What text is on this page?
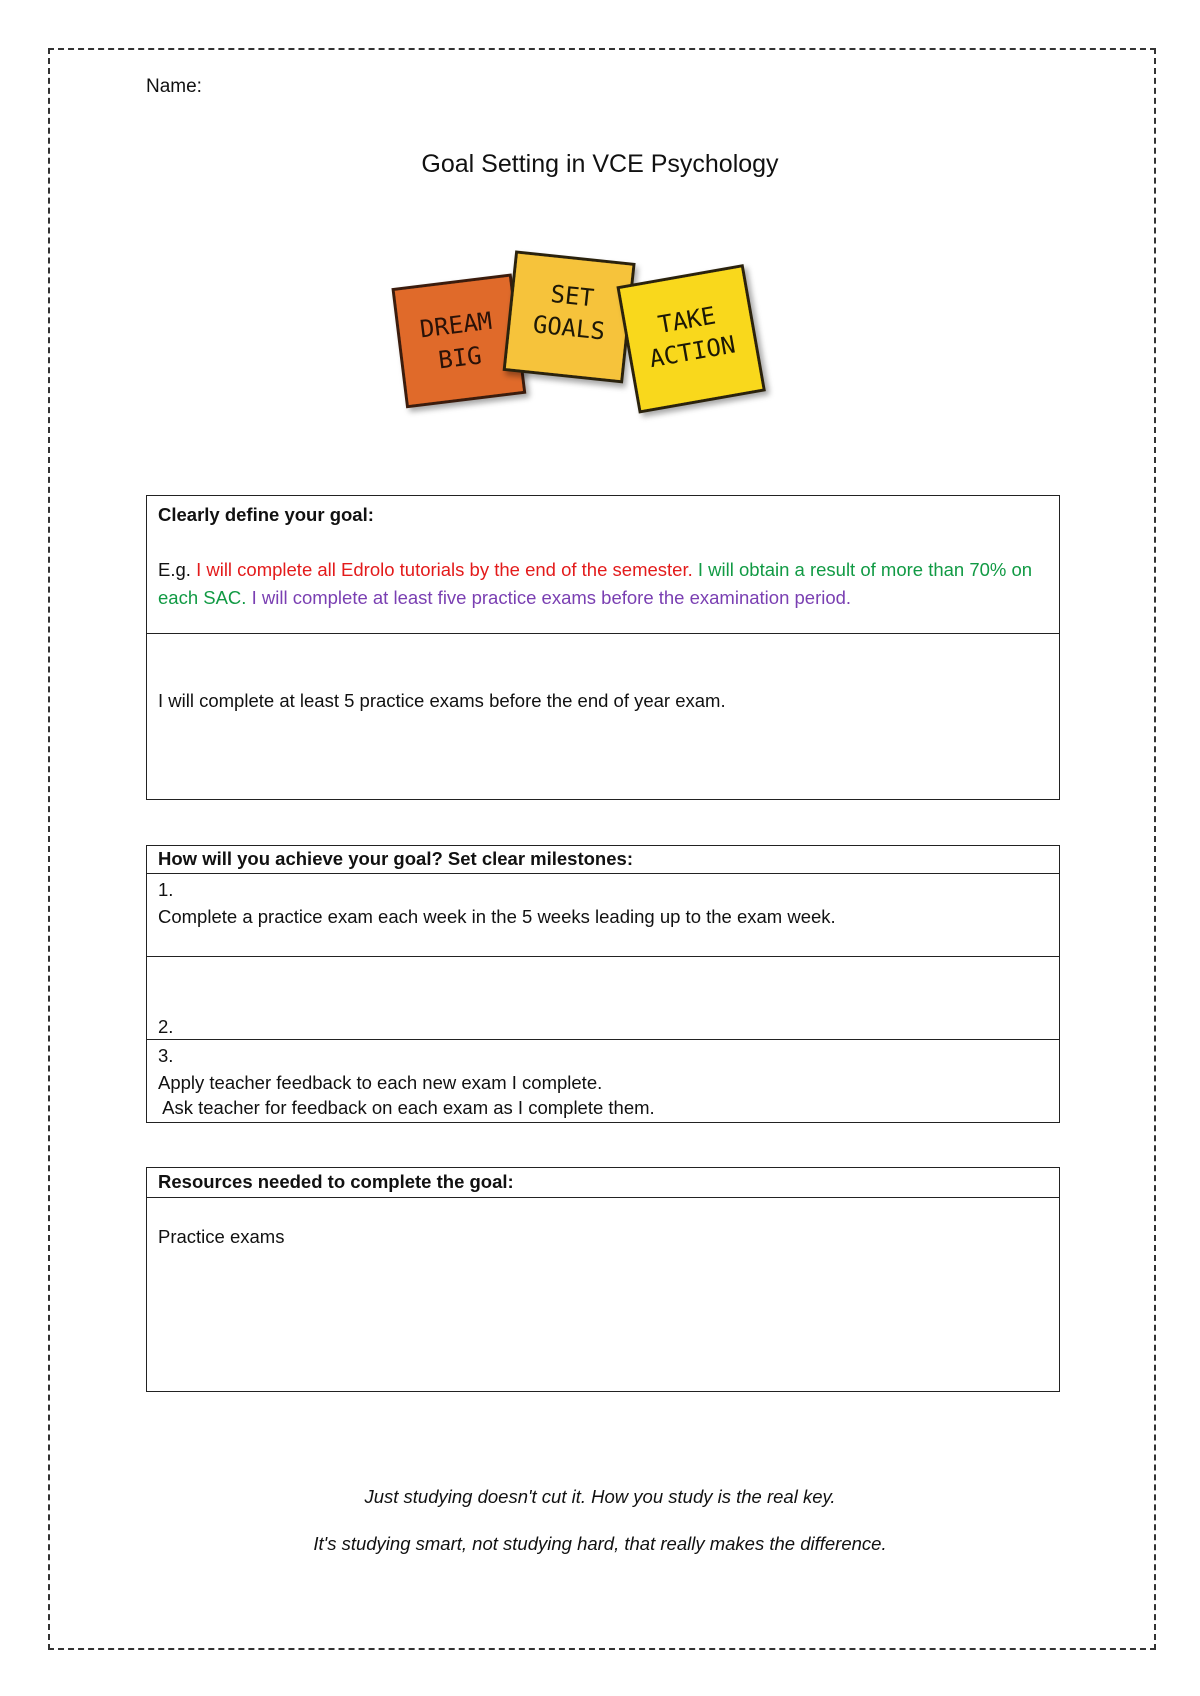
Name:
Goal Setting in VCE Psychology
DREAM
BIG
SET
GOALS TAKE
ACTION
Clearly define your goal:
E.g. I will complete all Edrolo tutorials by the end of the semester. I will obtain a result of more than 70% on each SAC. I will complete at least five practice exams before the examination period.
I will complete at least 5 practice exams before the end of year exam.
How will you achieve your goal? Set clear milestones:
1.
Complete a practice exam each week in the 5 weeks leading up to the exam week.

2.

Ask teacher for feedback on each exam as I complete them.

3.
Apply teacher feedback to each new exam I complete.
Resources needed to complete the goal:
Practice exams
Just studying doesn't cut it. How you study is the real key.
It's studying smart, not studying hard, that really makes the difference.
